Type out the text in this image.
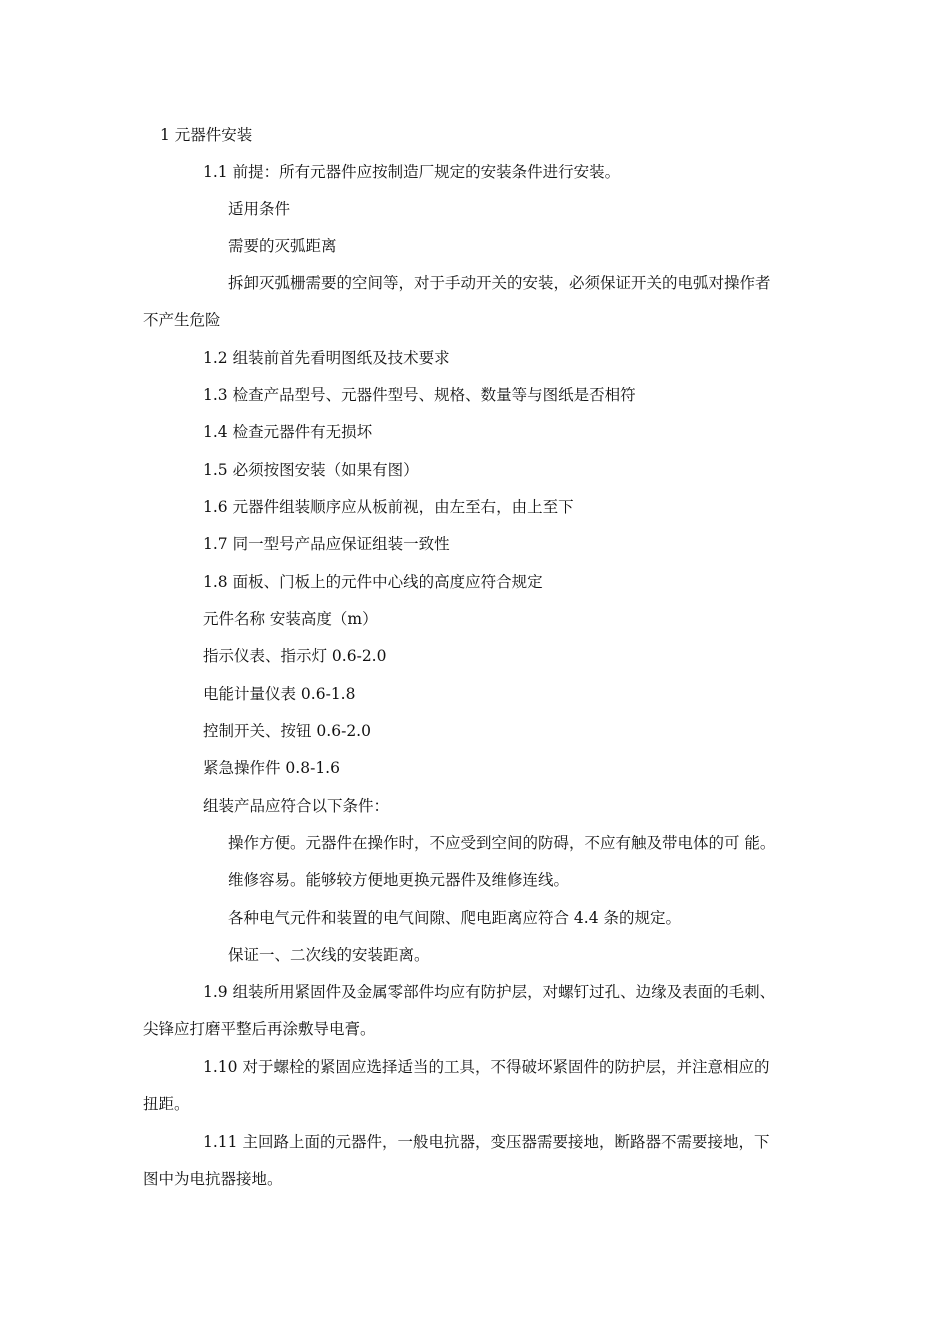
1 元器件安装

1.1 前提：所有元器件应按制造厂规定的安装条件进行安装。

适用条件

需要的灭弧距离

拆卸灭弧栅需要的空间等，对于手动开关的安装，必须保证开关的电弧对操作者

不产生危险

1.2 组装前首先看明图纸及技术要求

1.3 检查产品型号、元器件型号、规格、数量等与图纸是否相符

1.4 检查元器件有无损坏

1.5 必须按图安装（如果有图）

1.6 元器件组装顺序应从板前视，由左至右，由上至下

1.7 同一型号产品应保证组装一致性

1.8 面板、门板上的元件中心线的高度应符合规定

元件名称 安装高度（m）

指示仪表、指示灯 0.6-2.0

电能计量仪表 0.6-1.8

控制开关、按钮 0.6-2.0

紧急操作件 0.8-1.6

组装产品应符合以下条件：

操作方便。元器件在操作时，不应受到空间的防碍，不应有触及带电体的可 能。

维修容易。能够较方便地更换元器件及维修连线。

各种电气元件和装置的电气间隙、爬电距离应符合 4.4 条的规定。

保证一、二次线的安装距离。

1.9 组装所用紧固件及金属零部件均应有防护层，对螺钉过孔、边缘及表面的毛刺、

尖锋应打磨平整后再涂敷导电膏。

1.10 对于螺栓的紧固应选择适当的工具，不得破坏紧固件的防护层，并注意相应的

扭距。

1.11 主回路上面的元器件，一般电抗器，变压器需要接地，断路器不需要接地，下

图中为电抗器接地。
